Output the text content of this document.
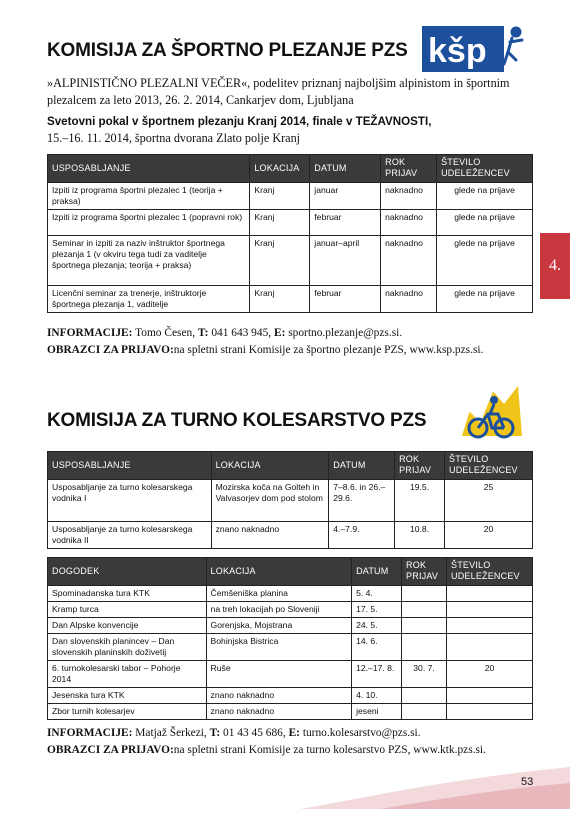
KOMISIJA ZA ŠPORTNO PLEZANJE PZS kšp
»ALPINISTIČNO PLEZALNI VEČER«, podelitev priznanj najboljšim alpinistom in športnim plezalcem za leto 2013, 26. 2. 2014, Cankarjev dom, Ljubljana
Svetovni pokal v športnem plezanju Kranj 2014, finale v TEŽAVNOSTI,
15.–16. 11. 2014, športna dvorana Zlato polje Kranj
USPOSABLJANJE	LOKACIJA	DATUM	ROK PRIJAV	ŠTEVILO UDELEŽENCEV
Izpiti iz programa športni plezalec 1 (teorija + praksa)	Kranj	januar	naknadno	glede na prijave
Izpiti iz programa športni plezalec 1 (popravni rok)	Kranj	februar	naknadno	glede na prijave
Seminar in izpiti za naziv inštruktor športnega plezanja 1 (v okviru tega tudi za vaditelje športnega plezanja; teorija + praksa)	Kranj	januar–april	naknadno	glede na prijave
Licenčni seminar za trenerje, inštruktorje športnega plezanja 1, vaditelje	Kranj	februar	naknadno	glede na prijave
INFORMACIJE: Tomo Česen, T: 041 643 945, E: sportno.plezanje@pzs.si.
OBRAZCI ZA PRIJAVO:na spletni strani Komisije za športno plezanje PZS, www.ksp.pzs.si.
4.
KOMISIJA ZA TURNO KOLESARSTVO PZS
USPOSABLJANJE	LOKACIJA	DATUM	ROK PRIJAV	ŠTEVILO UDELEŽENCEV
Usposabljanje za turno kolesarskega vodnika I	Mozirska koča na Golteh in Valvasorjev dom pod stolom	7–8.6. in 26.–29.6.	19.5.	25
Usposabljanje za turno kolesarskega vodnika II	znano naknadno	4.–7.9.	10.8.	20
DOGODEK	LOKACIJA	DATUM	ROK PRIJAV	ŠTEVILO UDELEŽENCEV
Spominadanska tura KTK	Čemšeniška planina	5. 4.		
Kramp turca	na treh lokacijah po Sloveniji	17. 5.		
Dan Alpske konvencije	Gorenjska, Mojstrana	24. 5.		
Dan slovenskih planincev – Dan slovenskih planinskih doživetij	Bohinjska Bistrica	14. 6.		
6. turnokolesarski tabor – Pohorje 2014	Ruše	12.–17. 8.	30. 7.	20
Jesenska tura KTK	znano naknadno	4. 10.		
Zbor turnih kolesarjev	znano naknadno	jeseni		
INFORMACIJE: Matjaž Šerkezi, T: 01 43 45 686, E: turno.kolesarstvo@pzs.si.
OBRAZCI ZA PRIJAVO:na spletni strani Komisije za turno kolesarstvo PZS, www.ktk.pzs.si.
53
